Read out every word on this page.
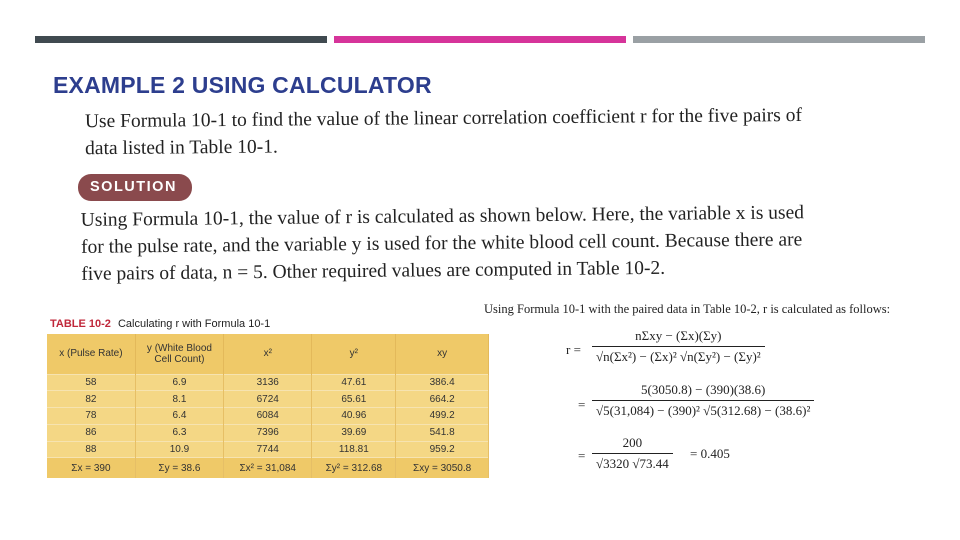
EXAMPLE 2 USING CALCULATOR

Use Formula 10-1 to find the value of the linear correlation coefficient r for the five pairs of data listed in Table 10-1.

SOLUTION

Using Formula 10-1, the value of r is calculated as shown below. Here, the variable x is used for the pulse rate, and the variable y is used for the white blood cell count. Because there are five pairs of data, n = 5. Other required values are computed in Table 10-2.

TABLE 10-2 Calculating r with Formula 10-1
x (Pulse Rate)	y (White Blood Cell Count)	x²	y²	xy
58	6.9	3136	47.61	386.4
82	8.1	6724	65.61	664.2
78	6.4	6084	40.96	499.2
86	6.3	7396	39.69	541.8
88	10.9	7744	118.81	959.2
Σx = 390	Σy = 38.6	Σx² = 31,084	Σy² = 312.68	Σxy = 3050.8
Using Formula 10-1 with the paired data in Table 10-2, r is calculated as follows:
r =
nΣxy − (Σx)(Σy)
√n(Σx²) − (Σx)² √n(Σy²) − (Σy)²
=
5(3050.8) − (390)(38.6)
√5(31,084) − (390)² √5(312.68) − (38.6)²
=
200
√3320 √73.44
= 0.405
